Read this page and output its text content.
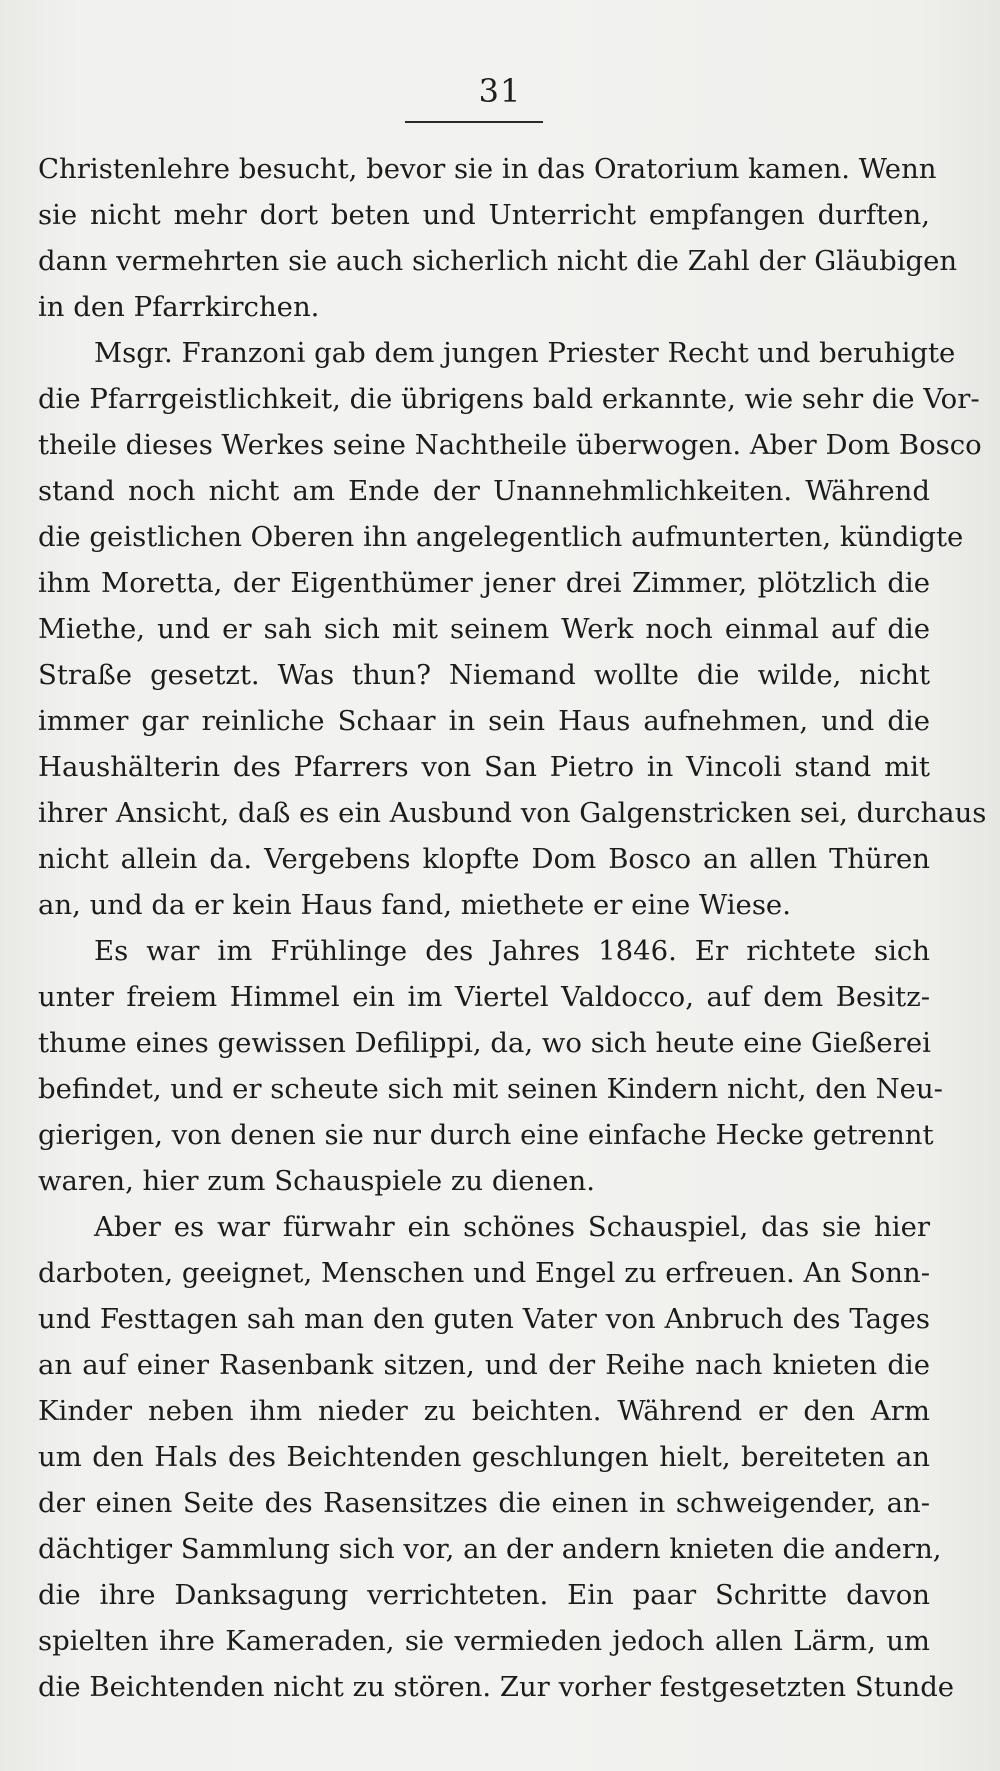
31
Christenlehre besucht, bevor sie in das Oratorium kamen. Wenn
sie nicht mehr dort beten und Unterricht empfangen durften,
dann vermehrten sie auch sicherlich nicht die Zahl der Gläubigen
in den Pfarrkirchen.
Msgr. Franzoni gab dem jungen Priester Recht und beruhigte
die Pfarrgeistlichkeit, die übrigens bald erkannte, wie sehr die Vor-
theile dieses Werkes seine Nachtheile überwogen. Aber Dom Bosco
stand noch nicht am Ende der Unannehmlichkeiten. Während
die geistlichen Oberen ihn angelegentlich aufmunterten, kündigte
ihm Moretta, der Eigenthümer jener drei Zimmer, plötzlich die
Miethe, und er sah sich mit seinem Werk noch einmal auf die
Straße gesetzt. Was thun? Niemand wollte die wilde, nicht
immer gar reinliche Schaar in sein Haus aufnehmen, und die
Haushälterin des Pfarrers von San Pietro in Vincoli stand mit
ihrer Ansicht, daß es ein Ausbund von Galgenstricken sei, durchaus
nicht allein da. Vergebens klopfte Dom Bosco an allen Thüren
an, und da er kein Haus fand, miethete er eine Wiese.
Es war im Frühlinge des Jahres 1846. Er richtete sich
unter freiem Himmel ein im Viertel Valdocco, auf dem Besitz-
thume eines gewissen Defilippi, da, wo sich heute eine Gießerei
befindet, und er scheute sich mit seinen Kindern nicht, den Neu-
gierigen, von denen sie nur durch eine einfache Hecke getrennt
waren, hier zum Schauspiele zu dienen.
Aber es war fürwahr ein schönes Schauspiel, das sie hier
darboten, geeignet, Menschen und Engel zu erfreuen. An Sonn-
und Festtagen sah man den guten Vater von Anbruch des Tages
an auf einer Rasenbank sitzen, und der Reihe nach knieten die
Kinder neben ihm nieder zu beichten. Während er den Arm
um den Hals des Beichtenden geschlungen hielt, bereiteten an
der einen Seite des Rasensitzes die einen in schweigender, an-
dächtiger Sammlung sich vor, an der andern knieten die andern,
die ihre Danksagung verrichteten. Ein paar Schritte davon
spielten ihre Kameraden, sie vermieden jedoch allen Lärm, um
die Beichtenden nicht zu stören. Zur vorher festgesetzten Stunde
